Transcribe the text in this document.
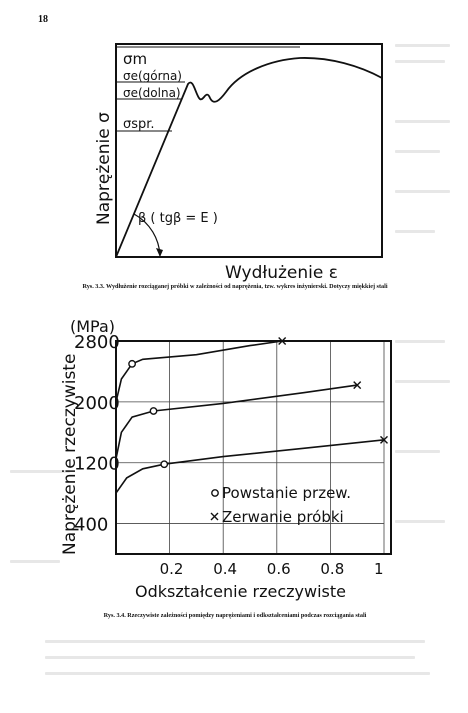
18
σm
σe(górna)
σe(dolna)
σspr.
β ( tgβ = E )
Wydłużenie ε
Naprężenie σ
Rys. 3.3. Wydłużenie rozciąganej próbki w zależności od naprężenia, tzw. wykres inżynierski. Dotyczy miękkiej stali
0.2 0.4 0.6 0.8 1
400
1200
2000
2800
(MPa)
Naprężenie rzeczywiste
Odkształcenie rzeczywiste
Powstanie przew.
Zerwanie próbki
Rys. 3.4. Rzeczywiste zależności pomiędzy naprężeniami i odkształceniami podczas rozciągania stali
